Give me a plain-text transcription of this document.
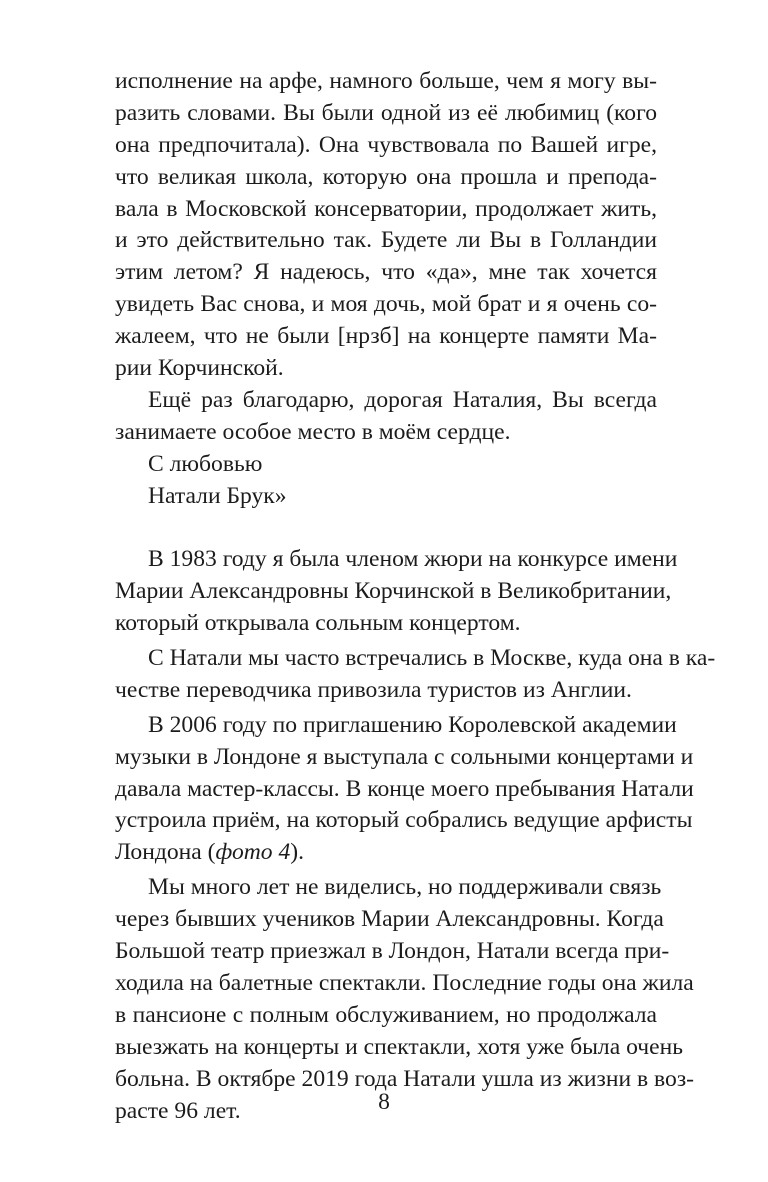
исполнение на арфе, намного больше, чем я могу вы-
разить словами. Вы были одной из её любимиц (кого
она предпочитала). Она чувствовала по Вашей игре,
что великая школа, которую она прошла и препода-
вала в Московской консерватории, продолжает жить,
и это действительно так. Будете ли Вы в Голландии
этим летом? Я надеюсь, что «да», мне так хочется
увидеть Вас снова, и моя дочь, мой брат и я очень со-
жалеем, что не были [нрзб] на концерте памяти Ма-
рии Корчинской.
Ещё раз благодарю, дорогая Наталия, Вы всегда
занимаете особое место в моём сердце.
С любовью
Натали Брук»
В 1983 году я была членом жюри на конкурсе имени
Марии Александровны Корчинской в Великобритании,
который открывала сольным концертом.
С Натали мы часто встречались в Москве, куда она в ка-
честве переводчика привозила туристов из Англии.
В 2006 году по приглашению Королевской академии
музыки в Лондоне я выступала с сольными концертами и
давала мастер-классы. В конце моего пребывания Натали
устроила приём, на который собрались ведущие арфисты
Лондона (фото 4).
Мы много лет не виделись, но поддерживали связь
через бывших учеников Марии Александровны. Когда
Большой театр приезжал в Лондон, Натали всегда при-
ходила на балетные спектакли. Последние годы она жила
в пансионе с полным обслуживанием, но продолжала
выезжать на концерты и спектакли, хотя уже была очень
больна. В октябре 2019 года Натали ушла из жизни в воз-
расте 96 лет.	8
